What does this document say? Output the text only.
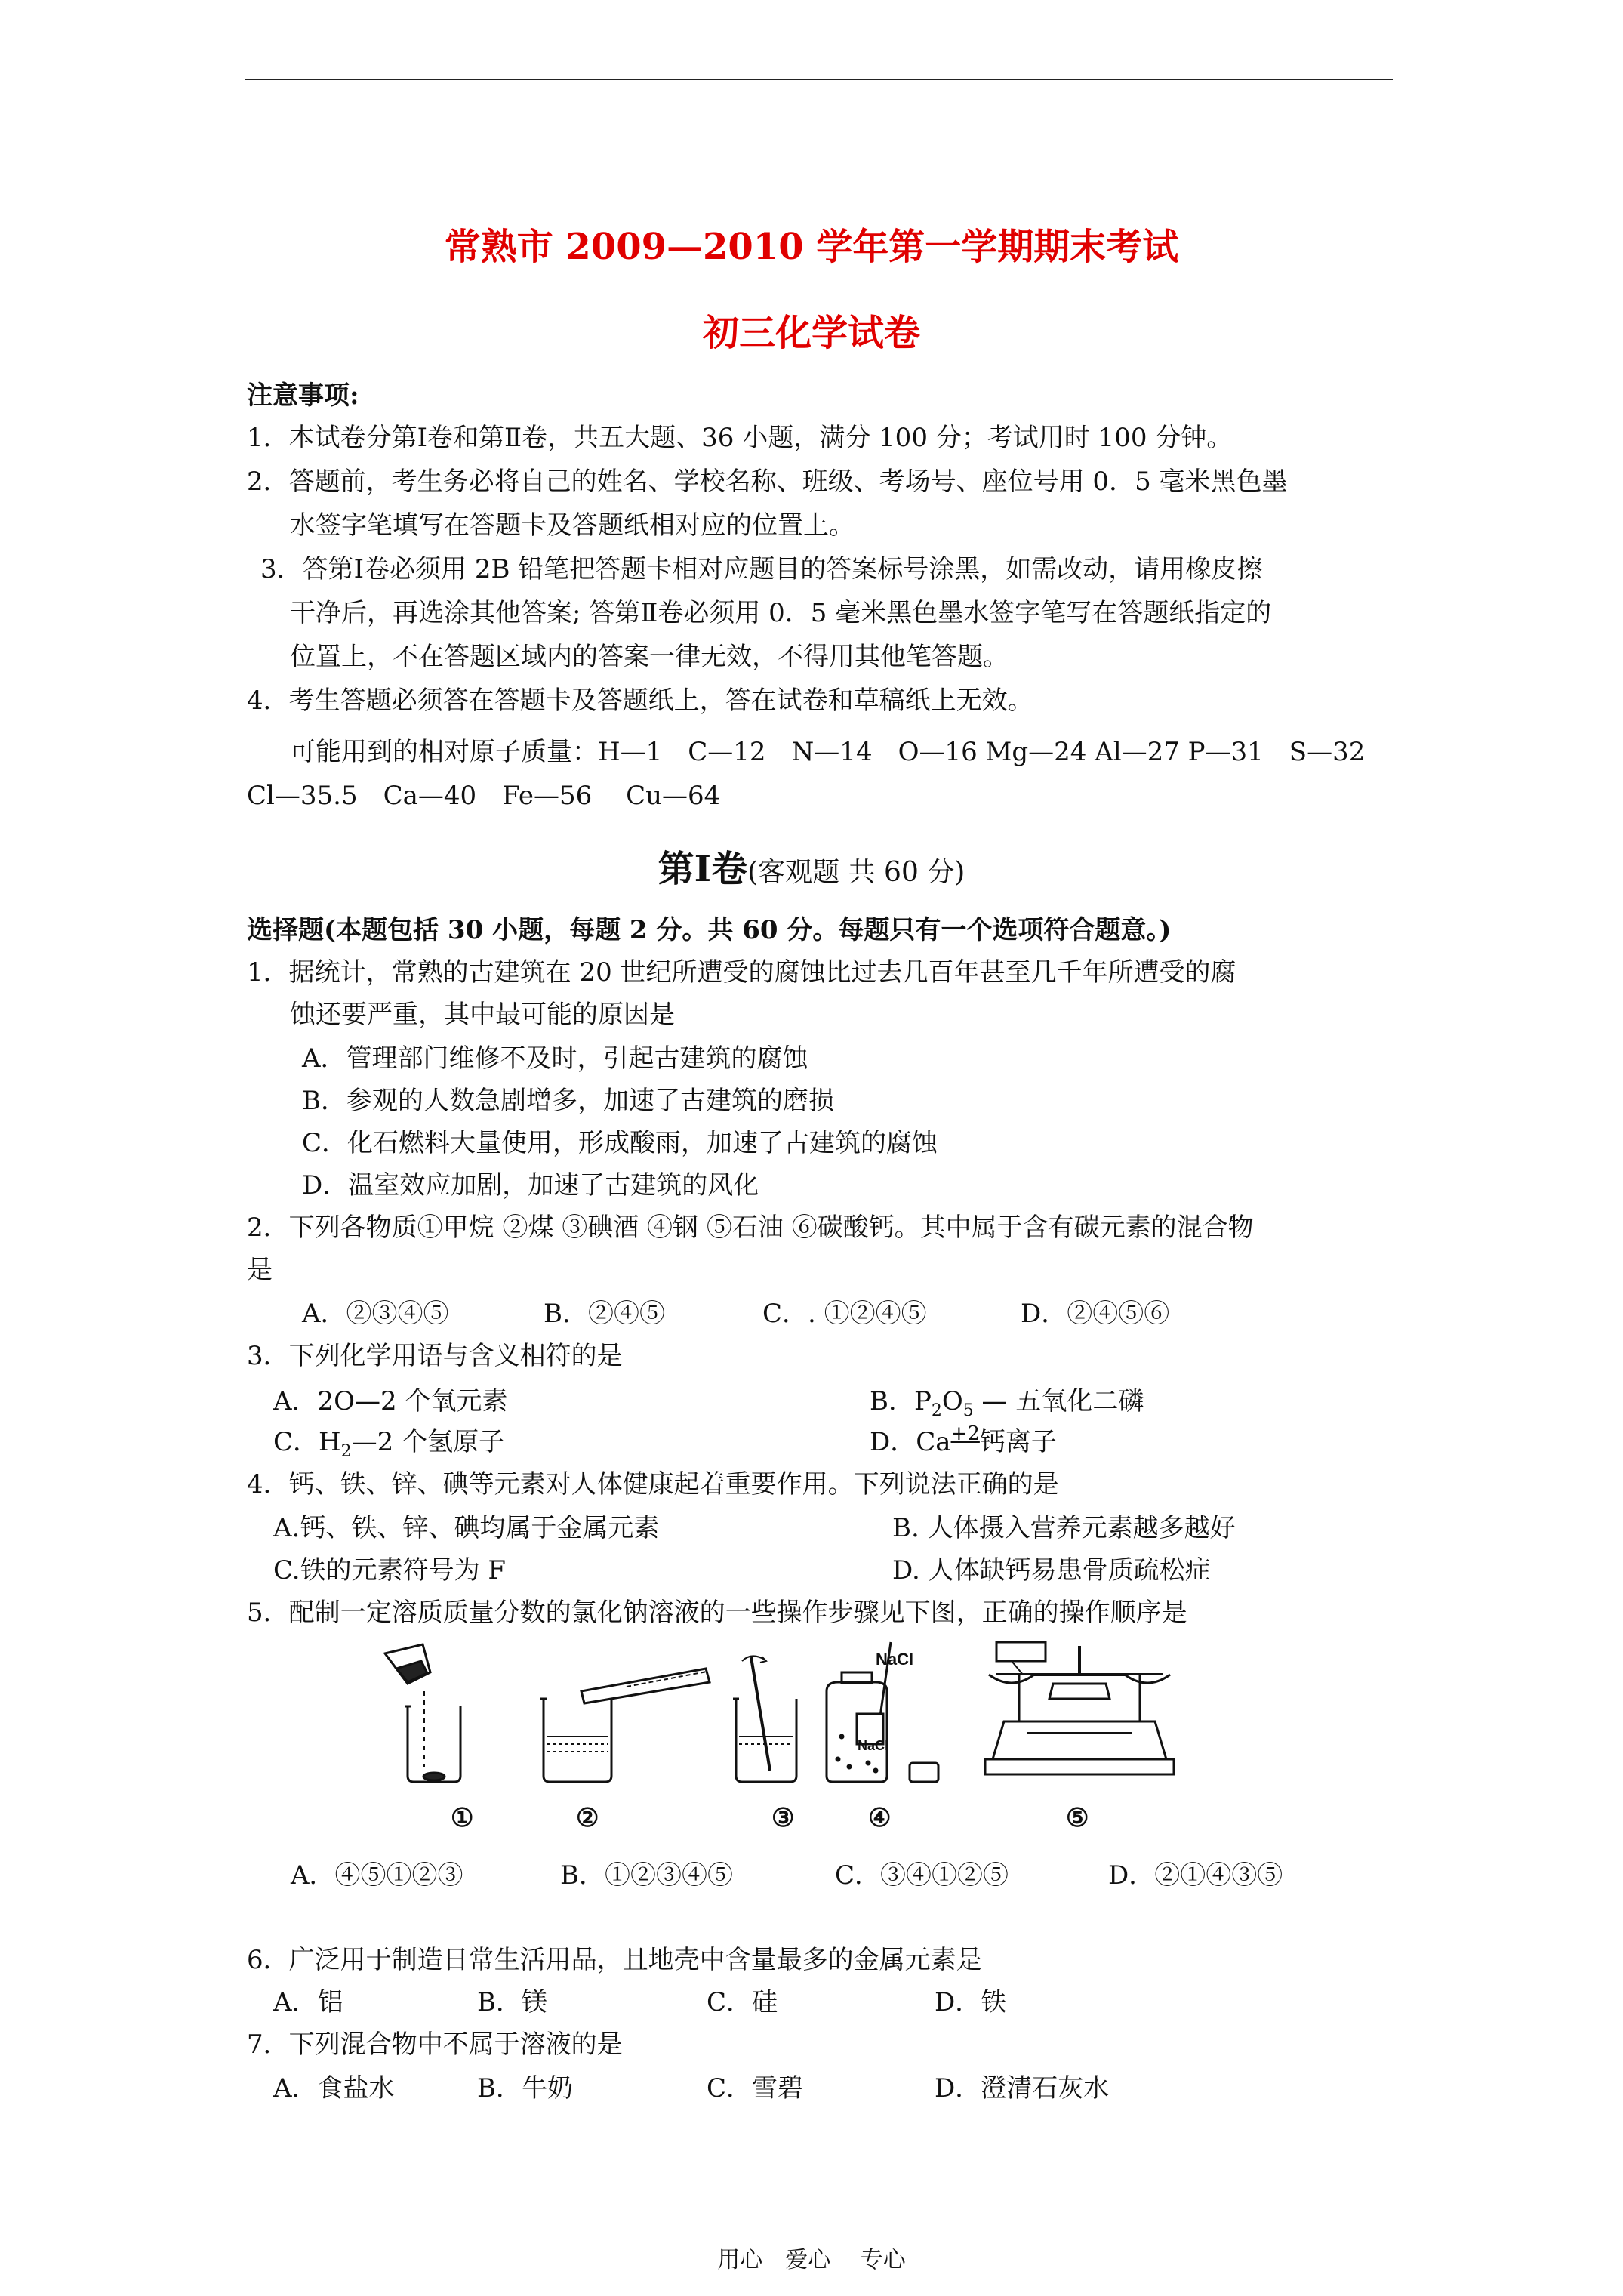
常熟市 2009—2010 学年第一学期期末考试
初三化学试卷
注意事项:
1．本试卷分第Ⅰ卷和第Ⅱ卷，共五大题、36 小题，满分 100 分；考试用时 100 分钟。
2．答题前，考生务必将自己的姓名、学校名称、班级、考场号、座位号用 0．5 毫米黑色墨
水签字笔填写在答题卡及答题纸相对应的位置上。
3．答第Ⅰ卷必须用 2B 铅笔把答题卡相对应题目的答案标号涂黑，如需改动，请用橡皮擦
干净后，再选涂其他答案; 答第Ⅱ卷必须用 0．5 毫米黑色墨水签字笔写在答题纸指定的
位置上，不在答题区域内的答案一律无效，不得用其他笔答题。
4．考生答题必须答在答题卡及答题纸上，答在试卷和草稿纸上无效。
可能用到的相对原子质量：H—1　C—12　N—14　O—16 Mg—24 Al—27 P—31　S—32
Cl—35.5　Ca—40　Fe—56　 Cu—64
第Ⅰ卷(客观题 共 60 分)
选择题(本题包括 30 小题，每题 2 分。共 60 分。每题只有一个选项符合题意。)
1．据统计，常熟的古建筑在 20 世纪所遭受的腐蚀比过去几百年甚至几千年所遭受的腐
蚀还要严重，其中最可能的原因是
A．管理部门维修不及时，引起古建筑的腐蚀
B．参观的人数急剧增多，加速了古建筑的磨损
C．化石燃料大量使用，形成酸雨，加速了古建筑的腐蚀
D．温室效应加剧，加速了古建筑的风化
2．下列各物质①甲烷 ②煤 ③碘酒 ④钢 ⑤石油 ⑥碳酸钙。其中属于含有碳元素的混合物
是
A．②③④⑤	B．②④⑤	C．. ①②④⑤	D．②④⑤⑥
3．下列化学用语与含义相符的是
A．2O—2 个氧元素	B．$P_2O_5$ — 五氧化二磷
C．$H_2—2$ 个氢原子	D．$Ca^{+2}$钙离子
4．钙、铁、锌、碘等元素对人体健康起着重要作用。下列说法正确的是
A.钙、铁、锌、碘均属于金属元素	B. 人体摄入营养元素越多越好
C.铁的元素符号为 F	D. 人体缺钙易患骨质疏松症
5．配制一定溶质质量分数的氯化钠溶液的一些操作步骤见下图，正确的操作顺序是
NaCl
NaCl
①	②	③	④	⑤
A．④⑤①②③	B．①②③④⑤	C．③④①②⑤	D．②①④③⑤
6．广泛用于制造日常生活用品，且地壳中含量最多的金属元素是
A．铝	B．镁	C．硅	D．铁
7．下列混合物中不属于溶液的是
A．食盐水	B．牛奶	C．雪碧	D．澄清石灰水
用心　爱心　 专心
